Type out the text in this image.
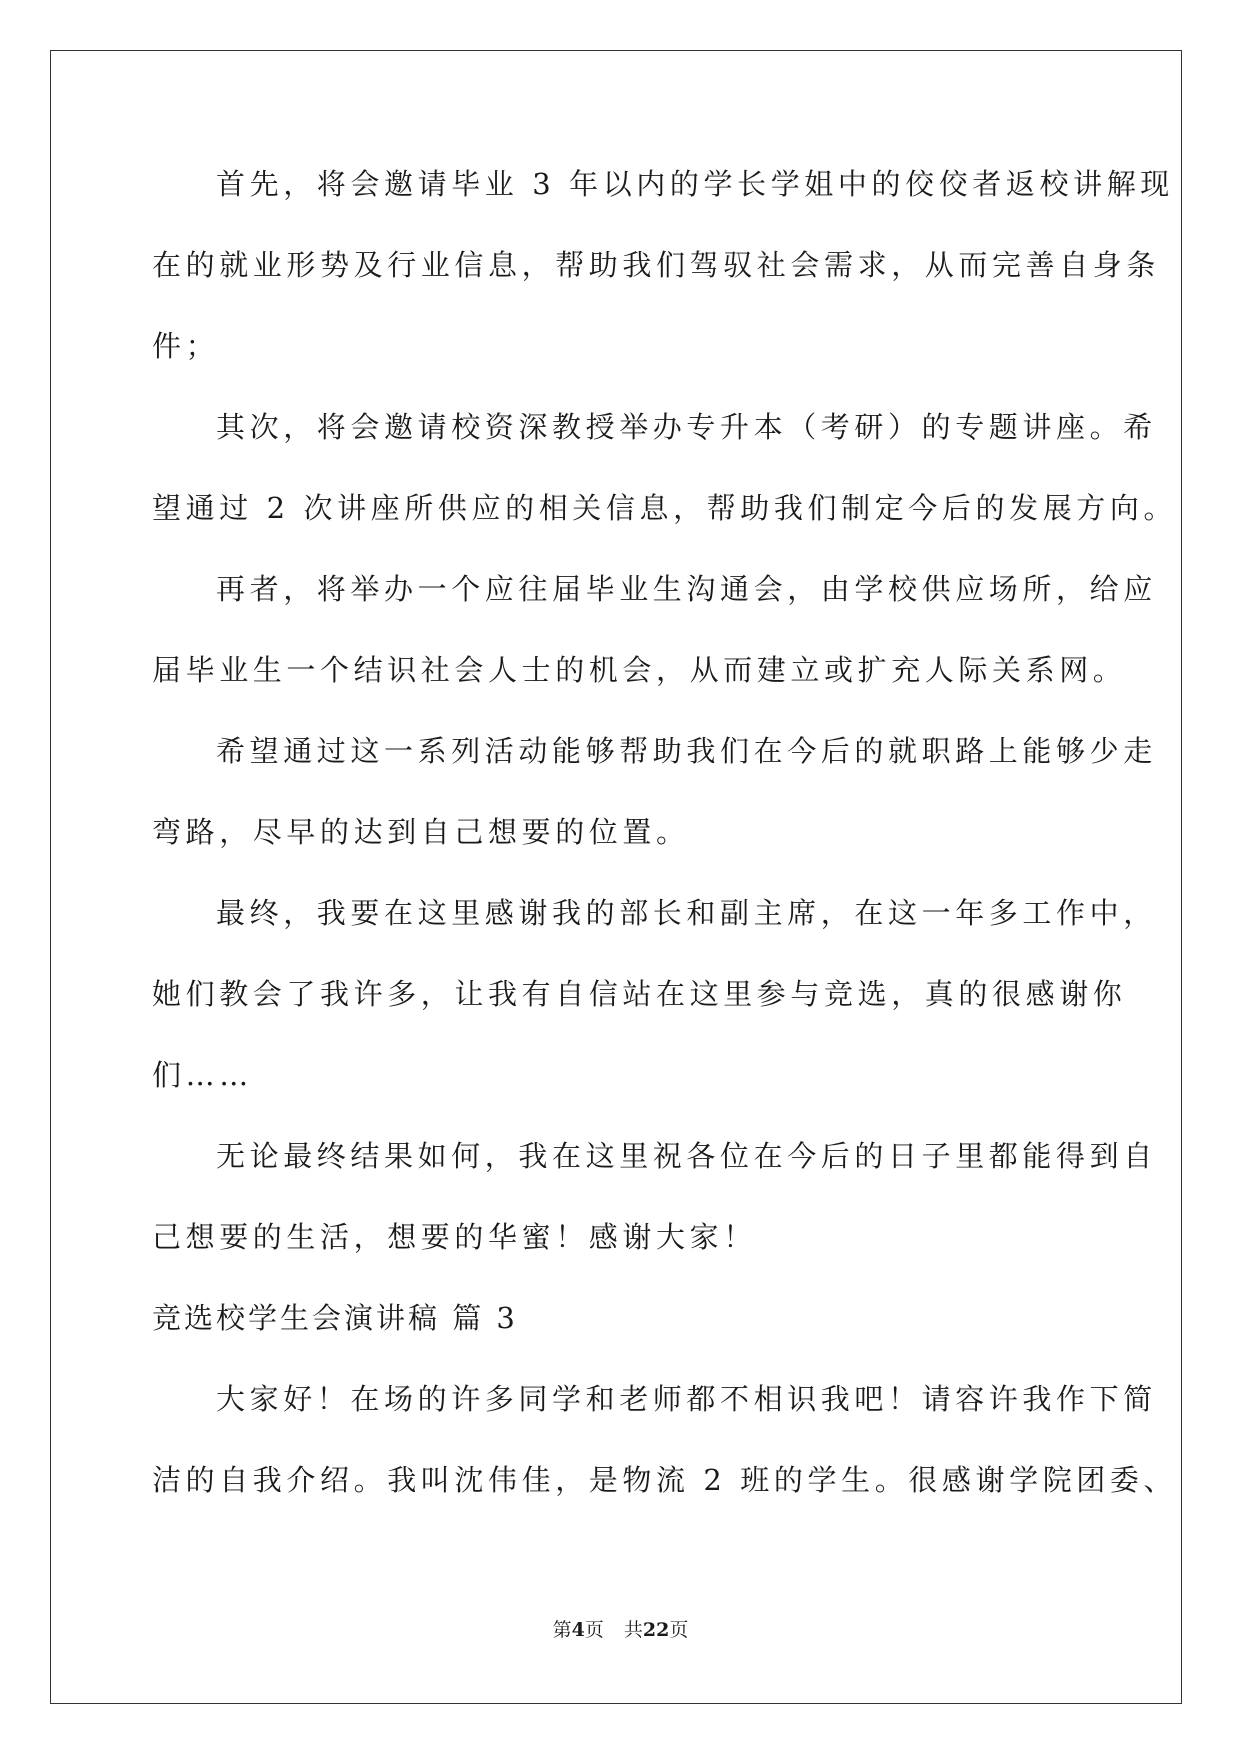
首先，将会邀请毕业 3 年以内的学长学姐中的佼佼者返校讲解现
在的就业形势及行业信息，帮助我们驾驭社会需求，从而完善自身条
件；
其次，将会邀请校资深教授举办专升本（考研）的专题讲座。希
望通过 2 次讲座所供应的相关信息，帮助我们制定今后的发展方向。
再者，将举办一个应往届毕业生沟通会，由学校供应场所，给应
届毕业生一个结识社会人士的机会，从而建立或扩充人际关系网。
希望通过这一系列活动能够帮助我们在今后的就职路上能够少走
弯路，尽早的达到自己想要的位置。
最终，我要在这里感谢我的部长和副主席，在这一年多工作中，
她们教会了我许多，让我有自信站在这里参与竞选，真的很感谢你
们……
无论最终结果如何，我在这里祝各位在今后的日子里都能得到自
己想要的生活，想要的华蜜！感谢大家！
竞选校学生会演讲稿 篇 3
大家好！在场的许多同学和老师都不相识我吧！请容许我作下简
洁的自我介绍。我叫沈伟佳，是物流 2 班的学生。很感谢学院团委、
第4页 共22页
